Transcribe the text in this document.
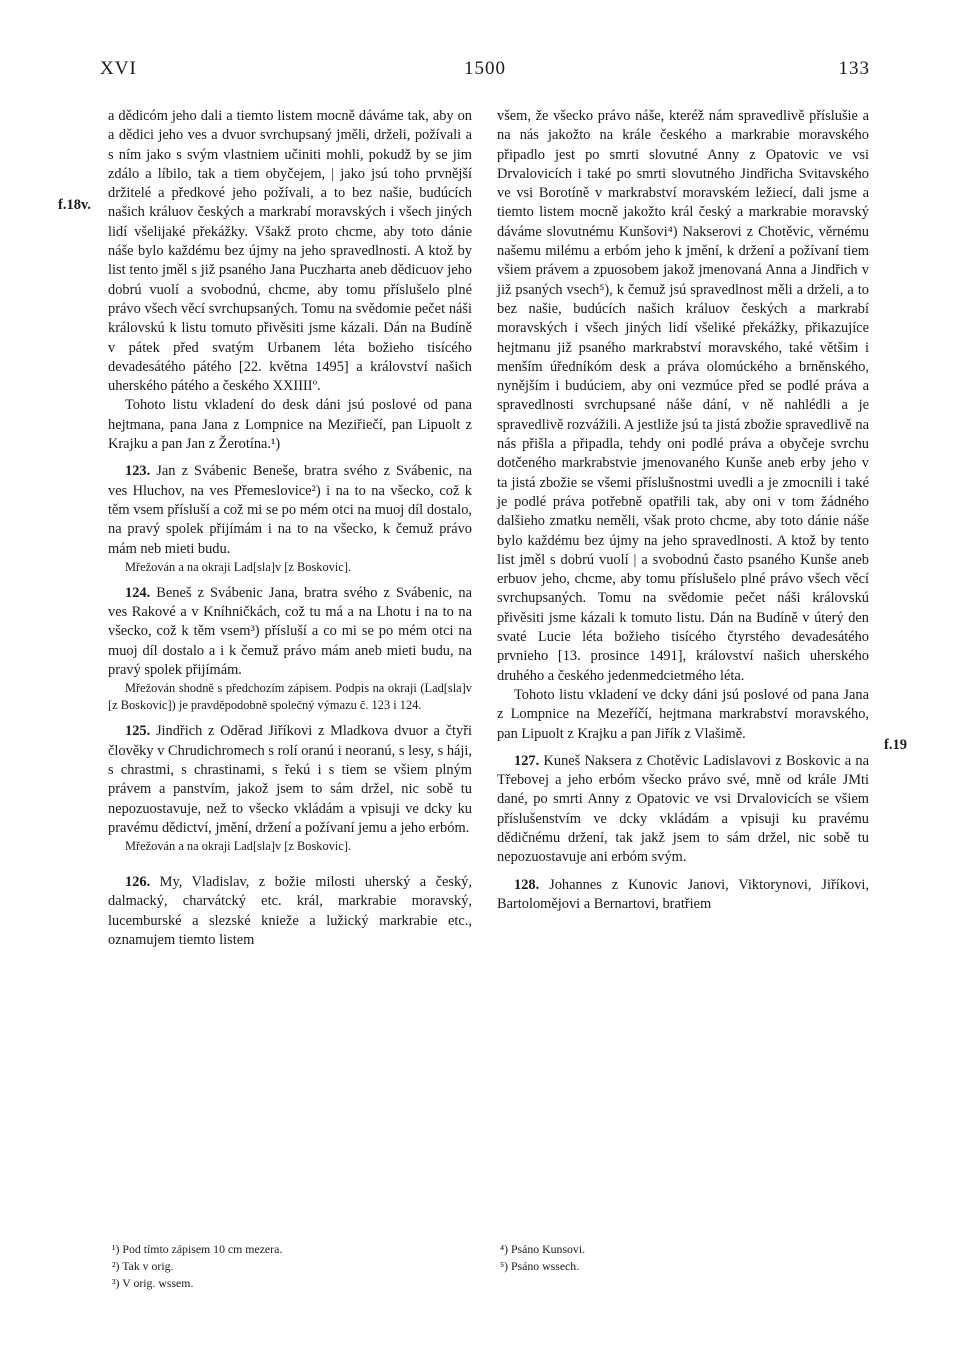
XVI	1500	133
f.18v.
f.19

a dědicóm jeho dali a tiemto listem mocně dáváme tak, aby on a dědici jeho ves a dvuor svrchupsaný jměli, drželi, požívali a s ním jako s svým vlastniem učiniti mohli, pokudž by se jim zdálo a líbilo, tak a tiem obyčejem, | jako jsú toho prvnější držitelé a předkové jeho požívali, a to bez našie, budúcích našich králuov českých a markrabí moravských i všech jiných lidí všelijaké překážky. Všakž proto chcme, aby toto dánie náše bylo každému bez újmy na jeho spravedlnosti. A ktož by list tento jměl s již psaného Jana Puczharta aneb dědicuov jeho dobrú vuolí a svobodnú, chcme, aby tomu příslušelo plné právo všech věcí svrchupsaných. Tomu na svědomie pečet náši královskú k listu tomuto přivěsiti jsme kázali. Dán na Budíně v pátek před svatým Urbanem léta božieho tisícého devadesátého pátého [22. května 1495] a království našich uherského pátého a českého XXIIIIº.

Tohoto listu vkladení do desk dáni jsú poslové od pana hejtmana, pana Jana z Lompnice na Meziřiečí, pan Lipuolt z Krajku a pan Jan z Žerotína.¹)

123. Jan z Svábenic Beneše, bratra svého z Svábenic, na ves Hluchov, na ves Přemeslovice²) i na to na všecko, což k těm vsem přísluší a což mi se po mém otci na muoj díl dostalo, na pravý spolek přijímám i na to na všecko, k čemuž právo mám neb mieti budu.

Mřežován a na okraji Lad[sla]v [z Boskovic].

124. Beneš z Svábenic Jana, bratra svého z Svábenic, na ves Rakové a v Kníhničkách, což tu má a na Lhotu i na to na všecko, což k těm vsem³) přísluší a co mi se po mém otci na muoj díl dostalo a i k čemuž právo mám aneb mieti budu, na pravý spolek přijímám.

Mřežován shodně s předchozím zápisem. Podpis na okraji (Lad[sla]v [z Boskovic]) je pravděpodobně společný výmazu č. 123 i 124.

125. Jindřich z Oděrad Jiříkovi z Mladkova dvuor a čtyři člověky v Chrudichromech s rolí oranú i neoranú, s lesy, s háji, s chrastmi, s chrastinami, s řekú i s tiem se všiem plným právem a panstvím, jakož jsem to sám držel, nic sobě tu nepozuostavuje, než to všecko vkládám a vpisuji ve dcky ku pravému dědictví, jmění, držení a požívaní jemu a jeho erbóm.

Mřežován a na okraji Lad[sla]v [z Boskovic].

126. My, Vladislav, z božie milosti uherský a český, dalmacký, charvátcký etc. král, markrabie moravský, lucemburské a slezské knieže a lužický markrabie etc., oznamujem tiemto listem

všem, že všecko právo náše, kteréž nám spravedlivě příslušie a na nás jakožto na krále českého a markrabie moravského připadlo jest po smrti slovutné Anny z Opatovic ve vsi Drvalovicích i také po smrti slovutného Jindřicha Svitavského ve vsi Borotíně v markrabství moravském ležiecí, dali jsme a tiemto listem mocně jakožto král český a markrabie moravský dáváme slovutnému Kunšovi⁴) Nakserovi z Chotěvic, věrnému našemu milému a erbóm jeho k jmění, k držení a požívaní tiem všiem právem a zpuosobem jakož jmenovaná Anna a Jindřich v již psaných vsech⁵), k čemuž jsú spravedlnost měli a drželi, a to bez našie, budúcích našich králuov českých a markrabí moravských i všech jiných lidí všeliké překážky, přikazujíce hejtmanu již psaného markrabství moravského, také většim i menším úředníkóm desk a práva olomúckého a brněnského, nynějším i budúciem, aby oni vezmúce před se podlé práva a spravedlnosti svrchupsané náše dání, v ně nahlédli a je spravedlivě rozvážili. A jestliže jsú ta jistá zbožie spravedlivě na nás přišla a připadla, tehdy oni podlé práva a obyčeje svrchu dotčeného markrabstvie jmenovaného Kunše aneb erby jeho v ta jistá zbožie se všemi příslušnostmi uvedli a je zmocnili i také je podlé práva potřebně opatřili tak, aby oni v tom žádného dalšieho zmatku neměli, však proto chcme, aby toto dánie náše bylo každému bez újmy na jeho spravedlnosti. A ktož by tento list jměl s dobrú vuolí | a svobodnú často psaného Kunše aneb erbuov jeho, chcme, aby tomu příslušelo plné právo všech věcí svrchupsaných. Tomu na svědomie pečet náši královskú přivěsiti jsme kázali k tomuto listu. Dán na Budíně v úterý den svaté Lucie léta božieho tisícého čtyrstého devadesátého prvnieho [13. prosince 1491], království našich uherského druhého a českého jedenmedcietmého léta.

Tohoto listu vkladení ve dcky dáni jsú poslové od pana Jana z Lompnice na Mezeříčí, hejtmana markrabství moravského, pan Lipuolt z Krajku a pan Jiřík z Vlašimě.

127. Kuneš Naksera z Chotěvic Ladislavovi z Boskovic a na Třebovej a jeho erbóm všecko právo své, mně od krále JMti dané, po smrti Anny z Opatovic ve vsi Drvalovicích se všiem příslušenstvím ve dcky vkládám a vpisuji ku pravému dědičnému držení, tak jakž jsem to sám držel, nic sobě tu nepozuostavuje ani erbóm svým.

128. Johannes z Kunovic Janovi, Viktorynovi, Jiříkovi, Bartolomějovi a Bernartovi, bratřiem

¹) Pod tímto zápisem 10 cm mezera.

²) Tak v orig.

³) V orig. wssem.

⁴) Psáno Kunsovi.

⁵) Psáno wssech.
